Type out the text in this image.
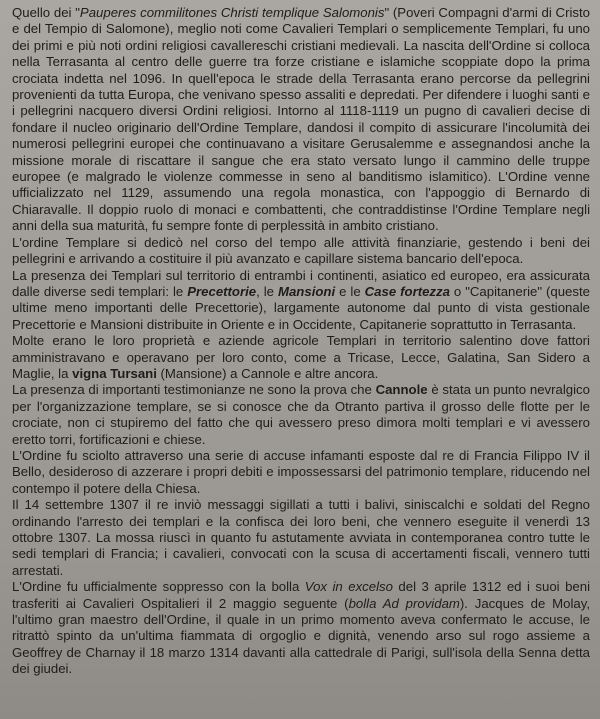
Quello dei "Pauperes commilitones Christi templique Salomonis" (Poveri Compagni d'armi di Cristo e del Tempio di Salomone), meglio noti come Cavalieri Templari o semplicemente Templari, fu uno dei primi e più noti ordini religiosi cavallereschi cristiani medievali. La nascita dell'Ordine si colloca nella Terrasanta al centro delle guerre tra forze cristiane e islamiche scoppiate dopo la prima crociata indetta nel 1096. In quell'epoca le strade della Terrasanta erano percorse da pellegrini provenienti da tutta Europa, che venivano spesso assaliti e depredati. Per difendere i luoghi santi e i pellegrini nacquero diversi Ordini religiosi. Intorno al 1118-1119 un pugno di cavalieri decise di fondare il nucleo originario dell'Ordine Templare, dandosi il compito di assicurare l'incolumità dei numerosi pellegrini europei che continuavano a visitare Gerusalemme e assegnandosi anche la missione morale di riscattare il sangue che era stato versato lungo il cammino delle truppe europee (e malgrado le violenze commesse in seno al banditismo islamitico). L'Ordine venne ufficializzato nel 1129, assumendo una regola monastica, con l'appoggio di Bernardo di Chiaravalle. Il doppio ruolo di monaci e combattenti, che contraddistinse l'Ordine Templare negli anni della sua maturità, fu sempre fonte di perplessità in ambito cristiano.

L'ordine Templare si dedicò nel corso del tempo alle attività finanziarie, gestendo i beni dei pellegrini e arrivando a costituire il più avanzato e capillare sistema bancario dell'epoca.

La presenza dei Templari sul territorio di entrambi i continenti, asiatico ed europeo, era assicurata dalle diverse sedi templari: le Precettorie, le Mansioni e le Case fortezza o "Capitanerie" (queste ultime meno importanti delle Precettorie), largamente autonome dal punto di vista gestionale Precettorie e Mansioni distribuite in Oriente e in Occidente, Capitanerie soprattutto in Terrasanta.

Molte erano le loro proprietà e aziende agricole Templari in territorio salentino dove fattori amministravano e operavano per loro conto, come a Tricase, Lecce, Galatina, San Sidero a Maglie, la vigna Tursani (Mansione) a Cannole e altre ancora.

La presenza di importanti testimonianze ne sono la prova che Cannole è stata un punto nevralgico per l'organizzazione templare, se si conosce che da Otranto partiva il grosso delle flotte per le crociate, non ci stupiremo del fatto che qui avessero preso dimora molti templari e vi avessero eretto torri, fortificazioni e chiese.

L'Ordine fu sciolto attraverso una serie di accuse infamanti esposte dal re di Francia Filippo IV il Bello, desideroso di azzerare i propri debiti e impossessarsi del patrimonio templare, riducendo nel contempo il potere della Chiesa.

Il 14 settembre 1307 il re inviò messaggi sigillati a tutti i balivi, siniscalchi e soldati del Regno ordinando l'arresto dei templari e la confisca dei loro beni, che vennero eseguite il venerdì 13 ottobre 1307. La mossa riuscì in quanto fu astutamente avviata in contemporanea contro tutte le sedi templari di Francia; i cavalieri, convocati con la scusa di accertamenti fiscali, vennero tutti arrestati.

L'Ordine fu ufficialmente soppresso con la bolla Vox in excelso del 3 aprile 1312 ed i suoi beni trasferiti ai Cavalieri Ospitalieri il 2 maggio seguente (bolla Ad providam). Jacques de Molay, l'ultimo gran maestro dell'Ordine, il quale in un primo momento aveva confermato le accuse, le ritrattò spinto da un'ultima fiammata di orgoglio e dignità, venendo arso sul rogo assieme a Geoffrey de Charnay il 18 marzo 1314 davanti alla cattedrale di Parigi, sull'isola della Senna detta dei giudei.
